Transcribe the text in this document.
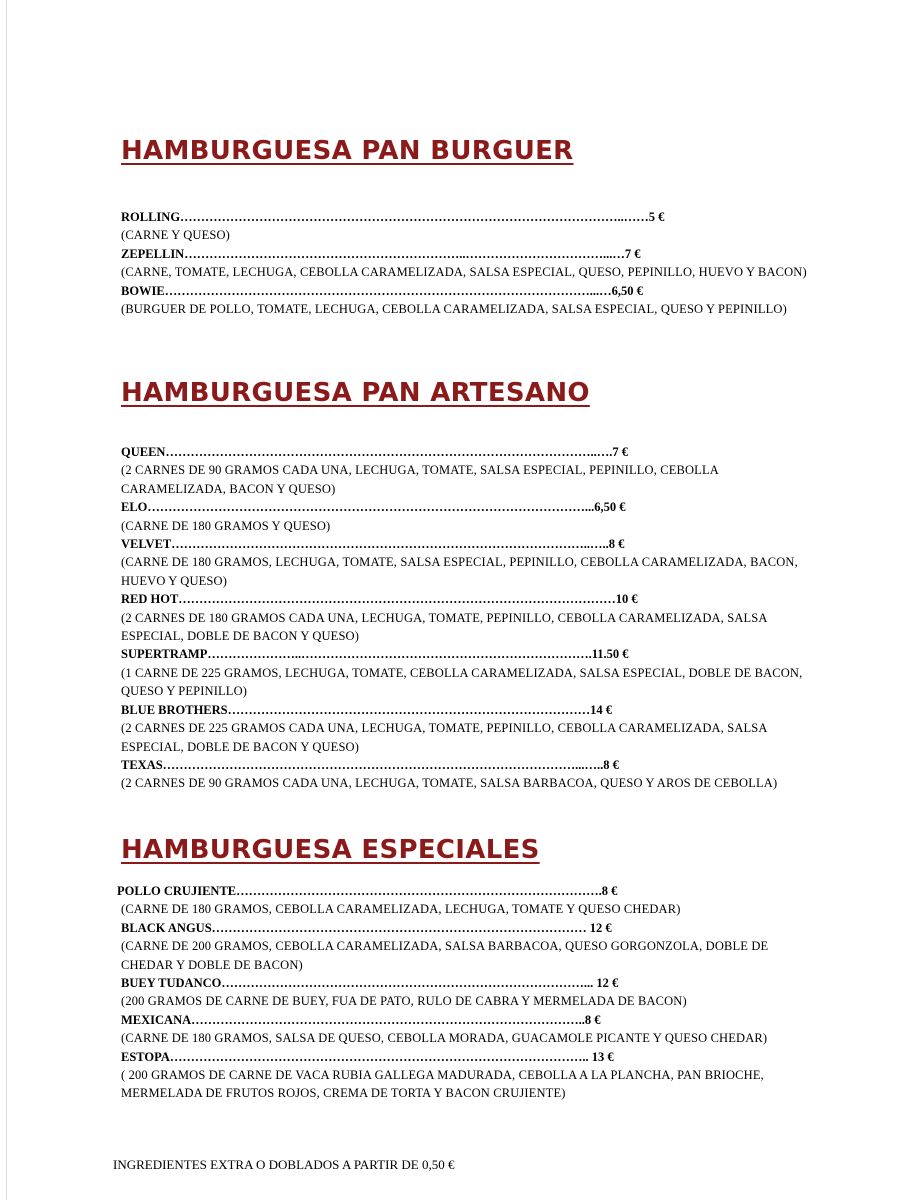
HAMBURGUESA PAN BURGUER
ROLLING……………………………………………………………………………………………..……5 €
(CARNE Y QUESO)
ZEPELLIN…………………………………………………………..……………………………...…7 €
(CARNE, TOMATE, LECHUGA, CEBOLLA CARAMELIZADA, SALSA ESPECIAL, QUESO, PEPINILLO, HUEVO Y BACON)
BOWIE…………………………………………………………………………………………...…6,50 €
(BURGUER DE POLLO, TOMATE, LECHUGA, CEBOLLA CARAMELIZADA, SALSA ESPECIAL, QUESO Y PEPINILLO)
HAMBURGUESA PAN ARTESANO
QUEEN…………………………………………………………………………………………..….7 €
(2 CARNES DE 90 GRAMOS CADA UNA, LECHUGA, TOMATE, SALSA ESPECIAL, PEPINILLO, CEBOLLA CARAMELIZADA, BACON Y QUESO)
ELO……………………………………………………………………………………………...6,50 €
(CARNE DE 180 GRAMOS Y QUESO)
VELVET………………………………………………………………………………………..…..8 €
(CARNE DE 180 GRAMOS, LECHUGA, TOMATE, SALSA ESPECIAL, PEPINILLO, CEBOLLA CARAMELIZADA, BACON, HUEVO Y QUESO)
RED HOT……………………………………………………………………………………………10 €
(2 CARNES DE 180 GRAMOS CADA UNA, LECHUGA, TOMATE, PEPINILLO, CEBOLLA CARAMELIZADA, SALSA ESPECIAL, DOBLE DE BACON Y QUESO)
SUPERTRAMP…………………..…………………………………………………………….11.50 €
(1 CARNE DE 225 GRAMOS, LECHUGA, TOMATE, CEBOLLA CARAMELIZADA, SALSA ESPECIAL, DOBLE DE BACON, QUESO Y PEPINILLO)
BLUE BROTHERS……………………………………………………………………………14 €
(2 CARNES DE 225 GRAMOS CADA UNA, LECHUGA, TOMATE, PEPINILLO, CEBOLLA CARAMELIZADA, SALSA ESPECIAL, DOBLE DE BACON Y QUESO)
TEXAS………………………………………………………………………………………...…..8 €
(2 CARNES DE 90 GRAMOS CADA UNA, LECHUGA, TOMATE, SALSA BARBACOA, QUESO Y AROS DE CEBOLLA)
HAMBURGUESA ESPECIALES
POLLO CRUJIENTE…………………………………………………………………………….8 €
(CARNE DE 180 GRAMOS, CEBOLLA CARAMELIZADA, LECHUGA, TOMATE Y QUESO CHEDAR)
BLACK ANGUS……………………………………………………………………………… 12 €
(CARNE DE 200 GRAMOS, CEBOLLA CARAMELIZADA, SALSA BARBACOA, QUESO GORGONZOLA, DOBLE DE CHEDAR Y DOBLE DE BACON)
BUEY TUDANCO……………………………………………………………………………... 12 €
(200 GRAMOS DE CARNE DE BUEY, FUA DE PATO, RULO DE CABRA Y MERMELADA DE BACON)
MEXICANA…………………………………………………………………………………..8 €
(CARNE DE 180 GRAMOS, SALSA DE QUESO, CEBOLLA MORADA, GUACAMOLE PICANTE Y QUESO CHEDAR)
ESTOPA……………………………………………………………………………………….. 13 €
( 200 GRAMOS DE CARNE DE VACA RUBIA GALLEGA MADURADA, CEBOLLA A LA PLANCHA, PAN BRIOCHE, MERMELADA DE FRUTOS ROJOS, CREMA DE TORTA Y BACON CRUJIENTE)
INGREDIENTES EXTRA O DOBLADOS A PARTIR DE 0,50 €
